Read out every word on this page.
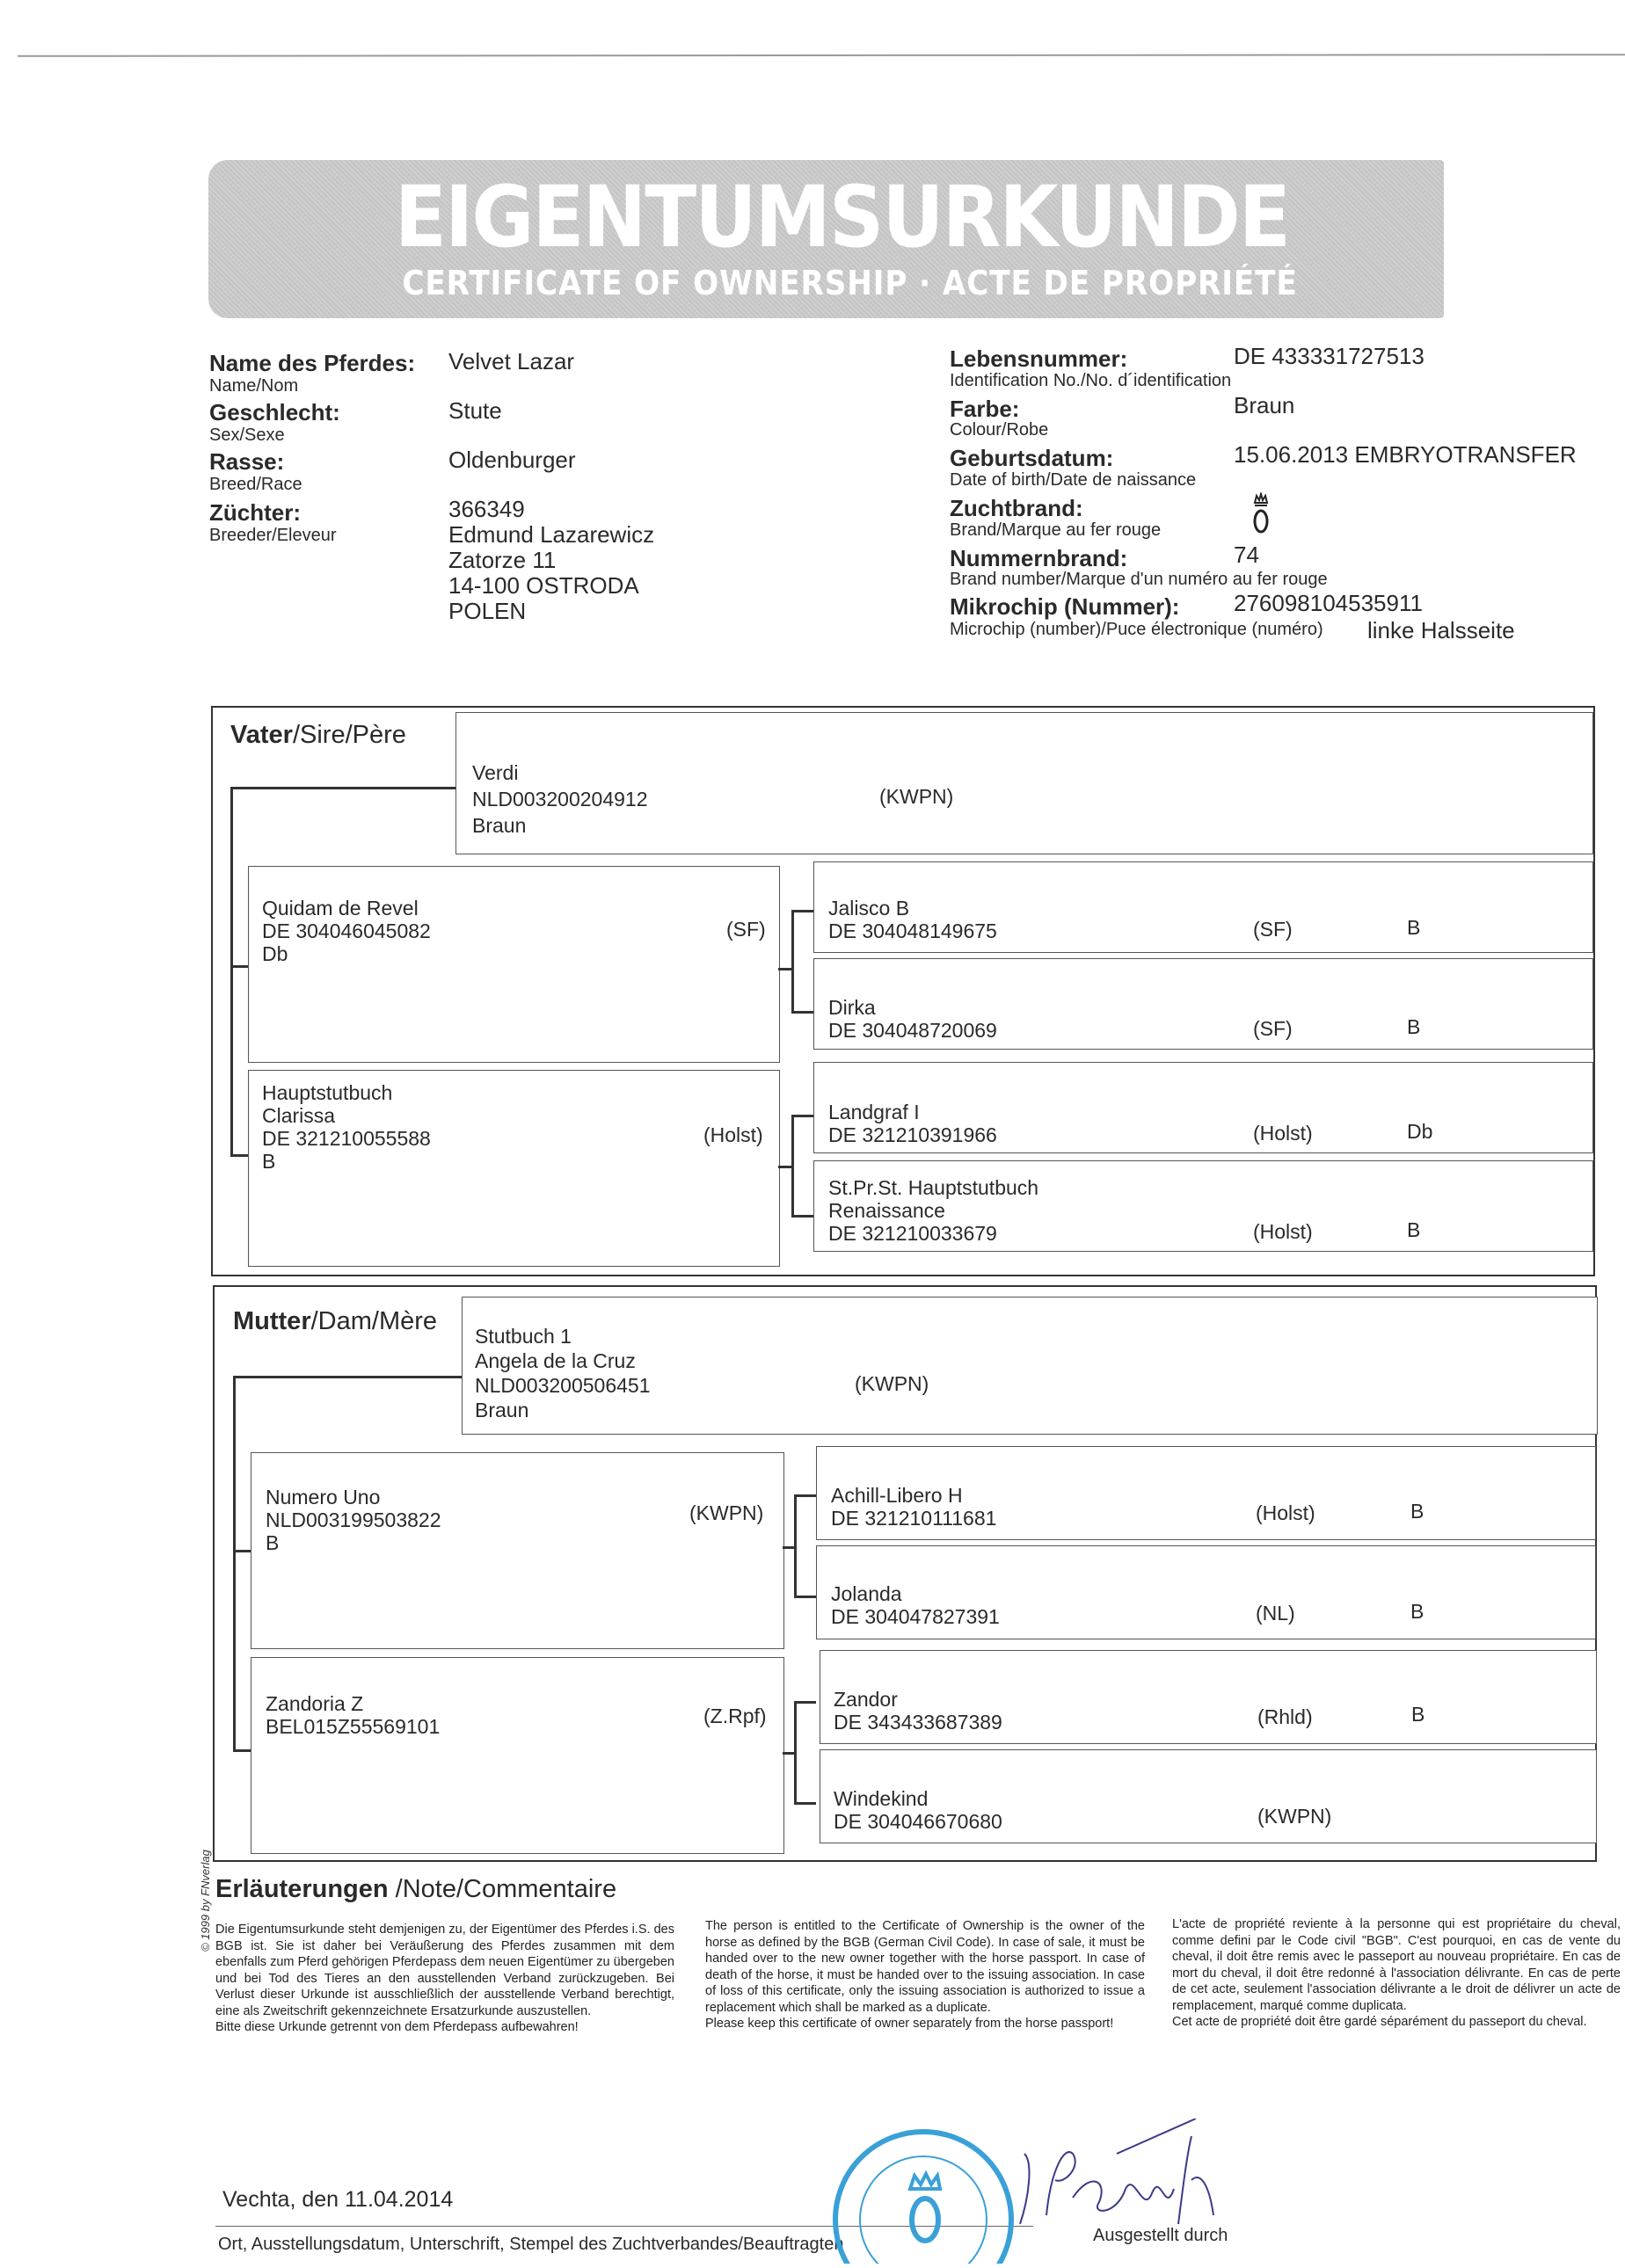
EIGENTUMSURKUNDE
CERTIFICATE OF OWNERSHIP · ACTE DE PROPRIÉTÉ
Name des Pferdes:
Name/Nom
Velvet Lazar
Geschlecht:
Sex/Sexe
Stute
Rasse:
Breed/Race
Oldenburger
Züchter:
Breeder/Eleveur
366349
Edmund Lazarewicz
Zatorze 11
14-100 OSTRODA
POLEN
Lebensnummer:
Identification No./No. d´identification
DE 433331727513
Farbe:
Colour/Robe
Braun
Geburtsdatum:
Date of birth/Date de naissance
15.06.2013 EMBRYOTRANSFER
Zuchtbrand:
Brand/Marque au fer rouge
Nummernbrand:
Brand number/Marque d'un numéro au fer rouge
74
Mikrochip (Nummer):
Microchip (number)/Puce électronique (numéro)
276098104535911
linke Halsseite
Vater/Sire/Père
Verdi
NLD003200204912
Braun
(KWPN)
Quidam de Revel
DE 304046045082
Db
(SF)
Hauptstutbuch
Clarissa
DE 321210055588
B
(Holst)
Jalisco B
DE 304048149675	(SF)	B
Dirka
DE 304048720069	(SF)	B
Landgraf I
DE 321210391966	(Holst)	Db
St.Pr.St. Hauptstutbuch
Renaissance
DE 321210033679	(Holst)	B
Mutter/Dam/Mère
Stutbuch 1
Angela de la Cruz
NLD003200506451
Braun
(KWPN)
Numero Uno
NLD003199503822
B
(KWPN)
Zandoria Z
BEL015Z55569101	(Z.Rpf)
Achill-Libero H
DE 321210111681	(Holst)	B
Jolanda
DE 304047827391	(NL)	B
Zandor
DE 343433687389	(Rhld)	B
Windekind
DE 304046670680	(KWPN)
© 1999 by FNverlag Erläuterungen /Note/Commentaire

Die Eigentumsurkunde steht demjenigen zu, der Eigentümer des Pferdes i.S. des BGB ist. Sie ist daher bei Veräußerung des Pferdes zusammen mit dem ebenfalls zum Pferd gehörigen Pferdepass dem neuen Eigentümer zu übergeben und bei Tod des Tieres an den ausstellenden Verband zurückzugeben. Bei Verlust dieser Urkunde ist ausschließlich der ausstellende Verband berechtigt, eine als Zweitschrift gekennzeichnete Ersatzurkunde auszustellen.

Bitte diese Urkunde getrennt von dem Pferdepass aufbewahren!

The person is entitled to the Certificate of Ownership is the owner of the horse as defined by the BGB (German Civil Code). In case of sale, it must be handed over to the new owner together with the horse passport. In case of death of the horse, it must be handed over to the issuing association. In case of loss of this certificate, only the issuing association is authorized to issue a replacement which shall be marked as a duplicate.

Please keep this certificate of owner separately from the horse passport!

L'acte de propriété reviente à la personne qui est propriétaire du cheval, comme defini par le Code civil "BGB". C'est pourquoi, en cas de vente du cheval, il doit être remis avec le passeport au nouveau propriétaire. En cas de mort du cheval, il doit être redonné à l'association délivrante. En cas de perte de cet acte, seulement l'association délivrante a le droit de délivrer un acte de remplacement, marqué comme duplicata.

Cet acte de propriété doit être gardé séparément du passeport du cheval.

Vechta, den 11.04.2014
Ort, Ausstellungsdatum, Unterschrift, Stempel des Zuchtverbandes/Beauftragten	Ausgestellt durch
